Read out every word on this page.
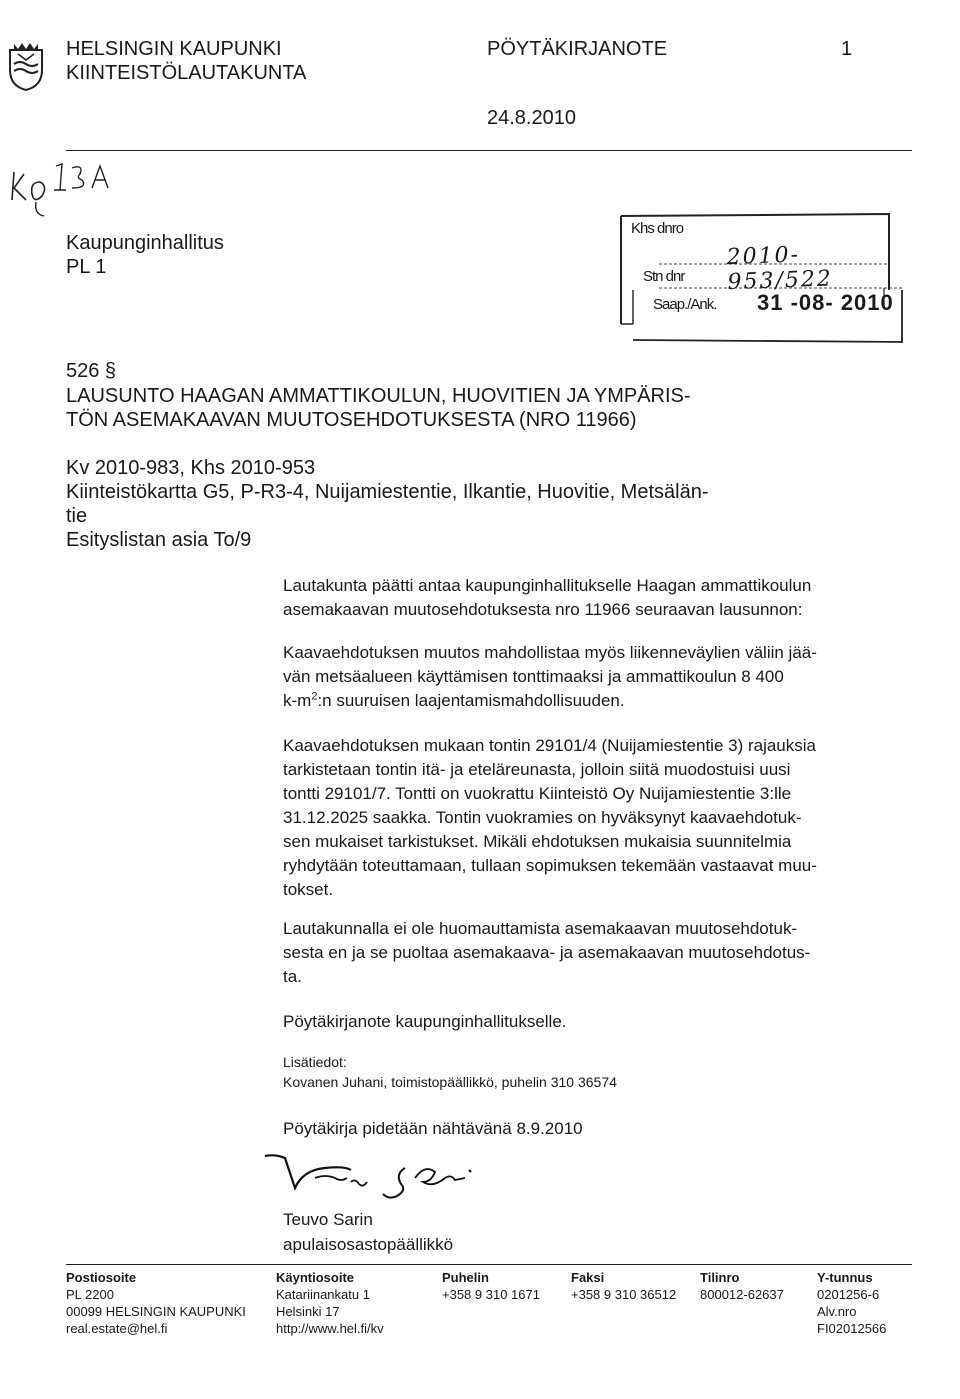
HELSINGIN KAUPUNKI
KIINTEISTÖLAUTAKUNTA
PÖYTÄKIRJANOTE	1
24.8.2010
Kaupunginhallitus
PL 1
Khs dnro
Stn dnr
2010-953/522
Saap./Ank. 31 -08- 2010
526 §
LAUSUNTO HAAGAN AMMATTIKOULUN, HUOVITIEN JA YMPÄRIS-
TÖN ASEMAKAAVAN MUUTOSEHDOTUKSESTA (NRO 11966)
Kv 2010-983, Khs 2010-953
Kiinteistökartta G5, P-R3-4, Nuijamiestentie, Ilkantie, Huovitie, Metsälän-
tie
Esityslistan asia To/9

Lautakunta päätti antaa kaupunginhallitukselle Haagan ammattikoulun

asemakaavan muutosehdotuksesta nro 11966 seuraavan lausunnon:

Kaavaehdotuksen muutos mahdollistaa myös liikenneväylien väliin jää-

vän metsäalueen käyttämisen tonttimaaksi ja ammattikoulun 8 400

$k-m^2:n$ suuruisen laajentamismahdollisuuden.

Kaavaehdotuksen mukaan tontin 29101/4 (Nuijamiestentie 3) rajauksia

tarkistetaan tontin itä- ja eteläreunasta, jolloin siitä muodostuisi uusi

tontti 29101/7. Tontti on vuokrattu Kiinteistö Oy Nuijamiestentie 3:lle

31.12.2025 saakka. Tontin vuokramies on hyväksynyt kaavaehdotuk-

sen mukaiset tarkistukset. Mikäli ehdotuksen mukaisia suunnitelmia

ryhdytään toteuttamaan, tullaan sopimuksen tekemään vastaavat muu-

tokset.

Lautakunnalla ei ole huomauttamista asemakaavan muutosehdotuk-

sesta en ja se puoltaa asemakaava- ja asemakaavan muutosehdotus-

ta.

Pöytäkirjanote kaupunginhallitukselle.
Lisätiedot:
Kovanen Juhani, toimistopäällikkö, puhelin 310 36574
Pöytäkirja pidetään nähtävänä 8.9.2010
Teuvo Sarin
apulaisosastopäällikkö
Postiosoite
PL 2200
00099 HELSINGIN KAUPUNKI
real.estate@hel.fi
Käyntiosoite
Katariinankatu 1
Helsinki 17
http://www.hel.fi/kv
Puhelin
+358 9 310 1671
Faksi
+358 9 310 36512
Tilinro
800012-62637
Y-tunnus
0201256-6
Alv.nro
FI02012566
